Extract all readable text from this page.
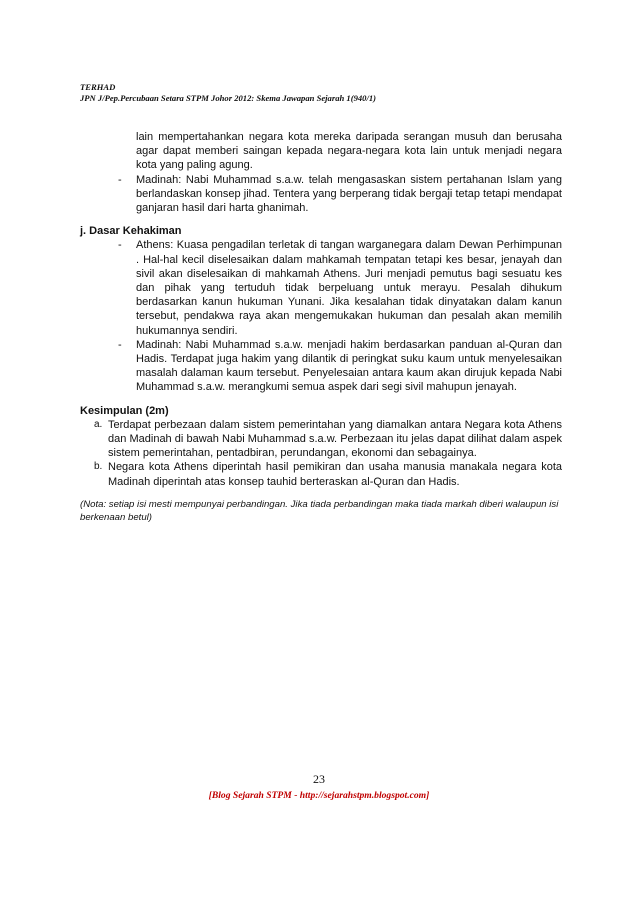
TERHAD
JPN J/Pep.Percubaan Setara STPM Johor 2012: Skema Jawapan Sejarah 1(940/1)
lain mempertahankan negara kota mereka daripada serangan musuh dan berusaha agar dapat memberi saingan kepada negara-negara kota lain untuk menjadi negara kota yang paling agung.
- Madinah: Nabi Muhammad s.a.w. telah mengasaskan sistem pertahanan Islam yang berlandaskan konsep jihad. Tentera yang berperang tidak bergaji tetap tetapi mendapat ganjaran hasil dari harta ghanimah.
j. Dasar Kehakiman
- Athens: Kuasa pengadilan terletak di tangan warganegara dalam Dewan Perhimpunan . Hal-hal kecil diselesaikan dalam mahkamah tempatan tetapi kes besar, jenayah dan sivil akan diselesaikan di mahkamah Athens. Juri menjadi pemutus bagi sesuatu kes dan pihak yang tertuduh tidak berpeluang untuk merayu. Pesalah dihukum berdasarkan kanun hukuman Yunani. Jika kesalahan tidak dinyatakan dalam kanun tersebut, pendakwa raya akan mengemukakan hukuman dan pesalah akan memilih hukumannya sendiri.
- Madinah: Nabi Muhammad s.a.w. menjadi hakim berdasarkan panduan al-Quran dan Hadis. Terdapat juga hakim yang dilantik di peringkat suku kaum untuk menyelesaikan masalah dalaman kaum tersebut. Penyelesaian antara kaum akan dirujuk kepada Nabi Muhammad s.a.w. merangkumi semua aspek dari segi sivil mahupun jenayah.
Kesimpulan (2m)
a. Terdapat perbezaan dalam sistem pemerintahan yang diamalkan antara Negara kota Athens dan Madinah di bawah Nabi Muhammad s.a.w. Perbezaan itu jelas dapat dilihat dalam aspek sistem pemerintahan, pentadbiran, perundangan, ekonomi dan sebagainya.
b. Negara kota Athens diperintah hasil pemikiran dan usaha manusia manakala negara kota Madinah diperintah atas konsep tauhid berteraskan al-Quran dan Hadis.
(Nota: setiap isi mesti mempunyai perbandingan. Jika tiada perbandingan maka tiada markah diberi walaupun isi berkenaan betul)
23
[Blog Sejarah STPM - http://sejarahstpm.blogspot.com]
